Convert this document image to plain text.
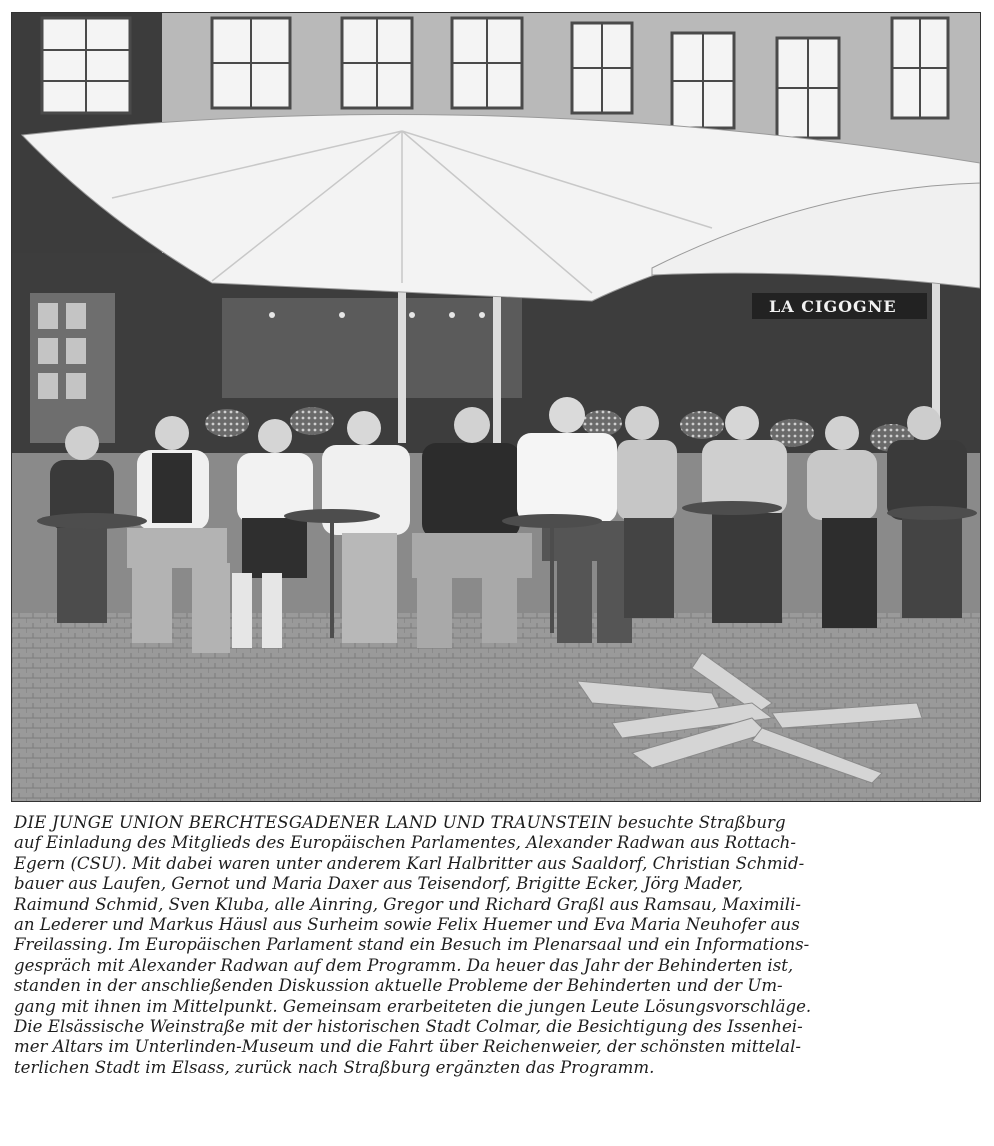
LA CIGOGNE
DIE JUNGE UNION BERCHTESGADENER LAND UND TRAUNSTEIN besuchte Straßburg
auf Einladung des Mitglieds des Europäischen Parlamentes, Alexander Radwan aus Rottach-
Egern (CSU). Mit dabei waren unter anderem Karl Halbritter aus Saaldorf, Christian Schmid-
bauer aus Laufen, Gernot und Maria Daxer aus Teisendorf, Brigitte Ecker, Jörg Mader,
Raimund Schmid, Sven Kluba, alle Ainring, Gregor und Richard Graßl aus Ramsau, Maximili-
an Lederer und Markus Häusl aus Surheim sowie Felix Huemer und Eva Maria Neuhofer aus
Freilassing. Im Europäischen Parlament stand ein Besuch im Plenarsaal und ein Informations-
gespräch mit Alexander Radwan auf dem Programm. Da heuer das Jahr der Behinderten ist,
standen in der anschließenden Diskussion aktuelle Probleme der Behinderten und der Um-
gang mit ihnen im Mittelpunkt. Gemeinsam erarbeiteten die jungen Leute Lösungsvorschläge.
Die Elsässische Weinstraße mit der historischen Stadt Colmar, die Besichtigung des Issenhei-
mer Altars im Unterlinden-Museum und die Fahrt über Reichenweier, der schönsten mittelal-
terlichen Stadt im Elsass, zurück nach Straßburg ergänzten das Programm.
